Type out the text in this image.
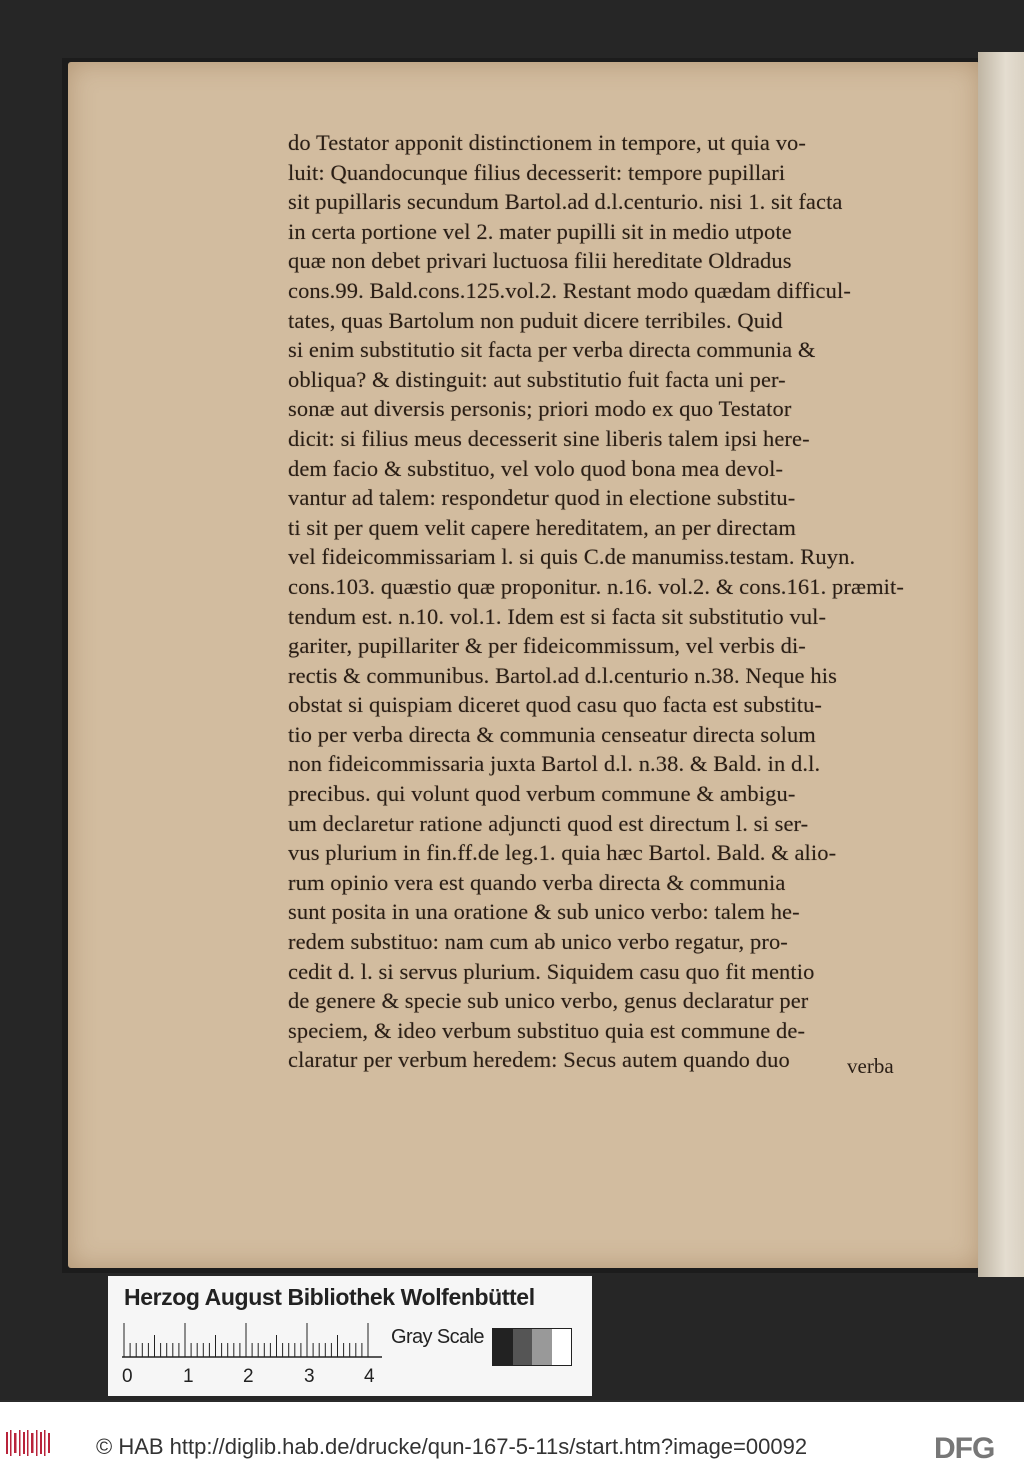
do Testator apponit distinctionem in tempore, ut quia vo-
luit: Quandocunque filius decesserit: tempore pupillari
sit pupillaris secundum Bartol.ad d.l.centurio. nisi 1. sit facta
in certa portione vel 2. mater pupilli sit in medio utpote
quæ non debet privari luctuosa filii hereditate Oldradus
cons.99. Bald.cons.125.vol.2. Restant modo quædam difficul-
tates, quas Bartolum non puduit dicere terribiles. Quid
si enim substitutio sit facta per verba directa communia &
obliqua? & distinguit: aut substitutio fuit facta uni per-
sonæ aut diversis personis; priori modo ex quo Testator
dicit: si filius meus decesserit sine liberis talem ipsi here-
dem facio & substituo, vel volo quod bona mea devol-
vantur ad talem: respondetur quod in electione substitu-
ti sit per quem velit capere hereditatem, an per directam
vel fideicommissariam l. si quis C.de manumiss.testam. Ruyn.
cons.103. quæstio quæ proponitur. n.16. vol.2. & cons.161. præmit-
tendum est. n.10. vol.1. Idem est si facta sit substitutio vul-
gariter, pupillariter & per fideicommissum, vel verbis di-
rectis & communibus. Bartol.ad d.l.centurio n.38. Neque his
obstat si quispiam diceret quod casu quo facta est substitu-
tio per verba directa & communia censeatur directa solum
non fideicommissaria juxta Bartol d.l. n.38. & Bald. in d.l.
precibus. qui volunt quod verbum commune & ambigu-
um declaretur ratione adjuncti quod est directum l. si ser-
vus plurium in fin.ff.de leg.1. quia hæc Bartol. Bald. & alio-
rum opinio vera est quando verba directa & communia
sunt posita in una oratione & sub unico verbo: talem he-
redem substituo: nam cum ab unico verbo regatur, pro-
cedit d. l. si servus plurium. Siquidem casu quo fit mentio
de genere & specie sub unico verbo, genus declaratur per
speciem, & ideo verbum substituo quia est commune de-
claratur per verbum heredem: Secus autem quando duo	verba
Herzog August Bibliothek Wolfenbüttel
0	1	2	3	4
Gray Scale
© HAB http://diglib.hab.de/drucke/qun-167-5-11s/start.htm?image=00092	DFG
